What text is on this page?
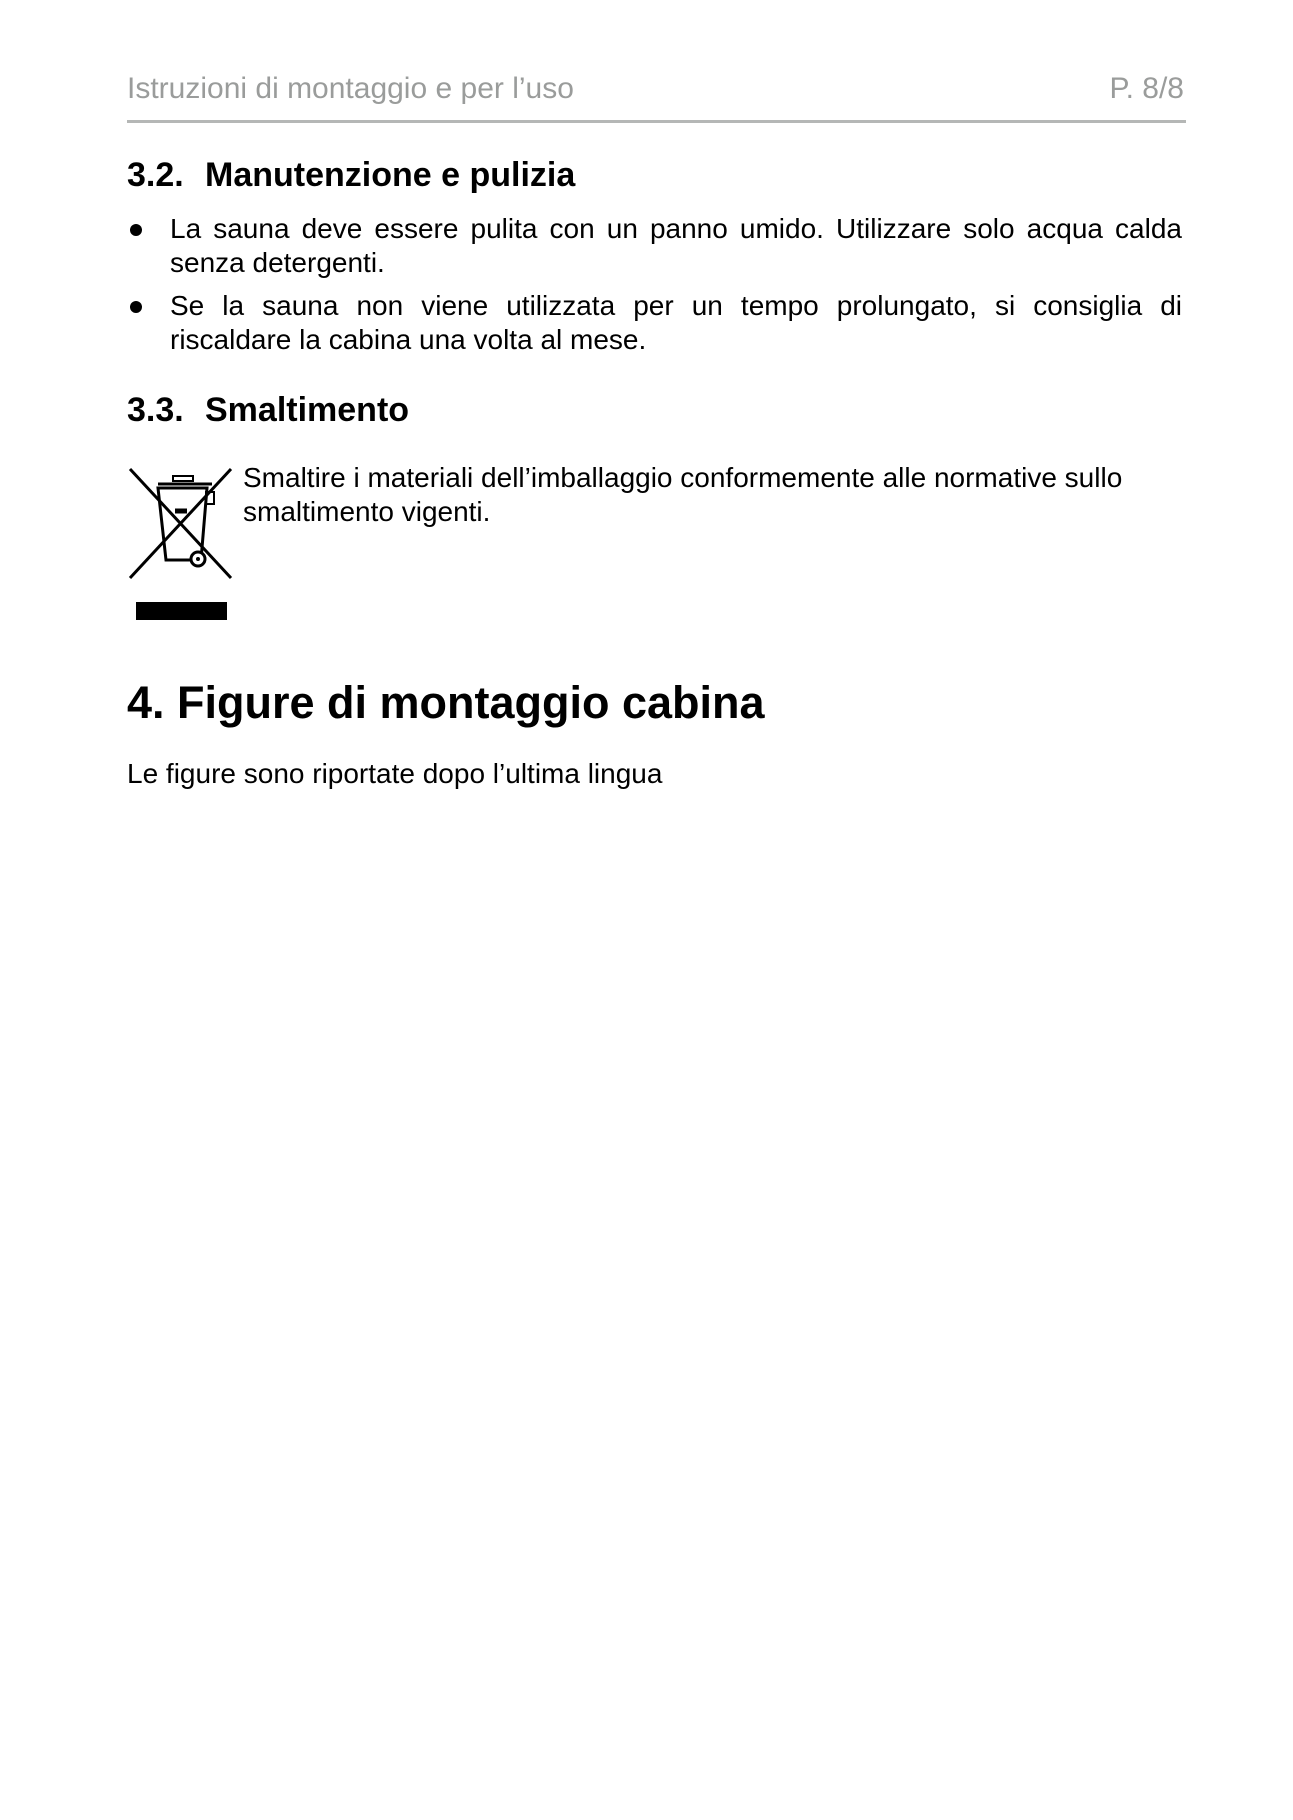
Istruzioni di montaggio e per l’uso	P. 8/8
3.2. Manutenzione e pulizia
La sauna deve essere pulita con un panno umido. Utilizzare solo acqua calda senza detergenti.
Se la sauna non viene utilizzata per un tempo prolungato, si consiglia di riscaldare la cabina una volta al mese.
3.3. Smaltimento
Smaltire i materiali dell’imballaggio conformemente alle normative sullo smaltimento vigenti.
4. Figure di montaggio cabina
Le figure sono riportate dopo l’ultima lingua
